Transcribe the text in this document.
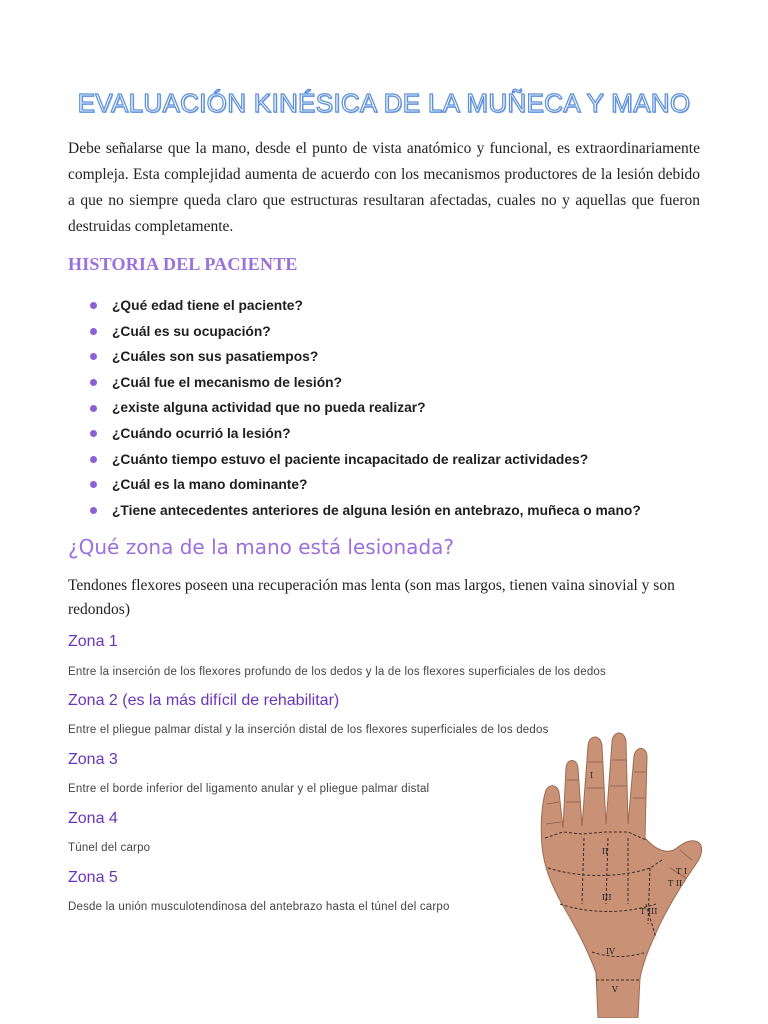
EVALUACIÓN KINÉSICA DE LA MUÑECA Y MANO

Debe señalarse que la mano, desde el punto de vista anatómico y funcional, es extraordinariamente compleja. Esta complejidad aumenta de acuerdo con los mecanismos productores de la lesión debido a que no siempre queda claro que estructuras resultaran afectadas, cuales no y aquellas que fueron destruidas completamente.

HISTORIA DEL PACIENTE
¿Qué edad tiene el paciente?
¿Cuál es su ocupación?
¿Cuáles son sus pasatiempos?
¿Cuál fue el mecanismo de lesión?
¿existe alguna actividad que no pueda realizar?
¿Cuándo ocurrió la lesión?
¿Cuánto tiempo estuvo el paciente incapacitado de realizar actividades?
¿Cuál es la mano dominante?
¿Tiene antecedentes anteriores de alguna lesión en antebrazo, muñeca o mano?
¿Qué zona de la mano está lesionada?

Tendones flexores poseen una recuperación mas lenta (son mas largos, tienen vaina sinovial y son redondos)

Zona 1

Entre la inserción de los flexores profundo de los dedos y la de los flexores superficiales de los dedos

Zona 2 (es la más difícil de rehabilitar)

Entre el pliegue palmar distal y la inserción distal de los flexores superficiales de los dedos

Zona 3

Entre el borde inferior del ligamento anular y el pliegue palmar distal

Zona 4

Túnel del carpo

Zona 5

Desde la unión musculotendinosa del antebrazo hasta el túnel del carpo

I
II
III
IV
V
T I
T II
T III
